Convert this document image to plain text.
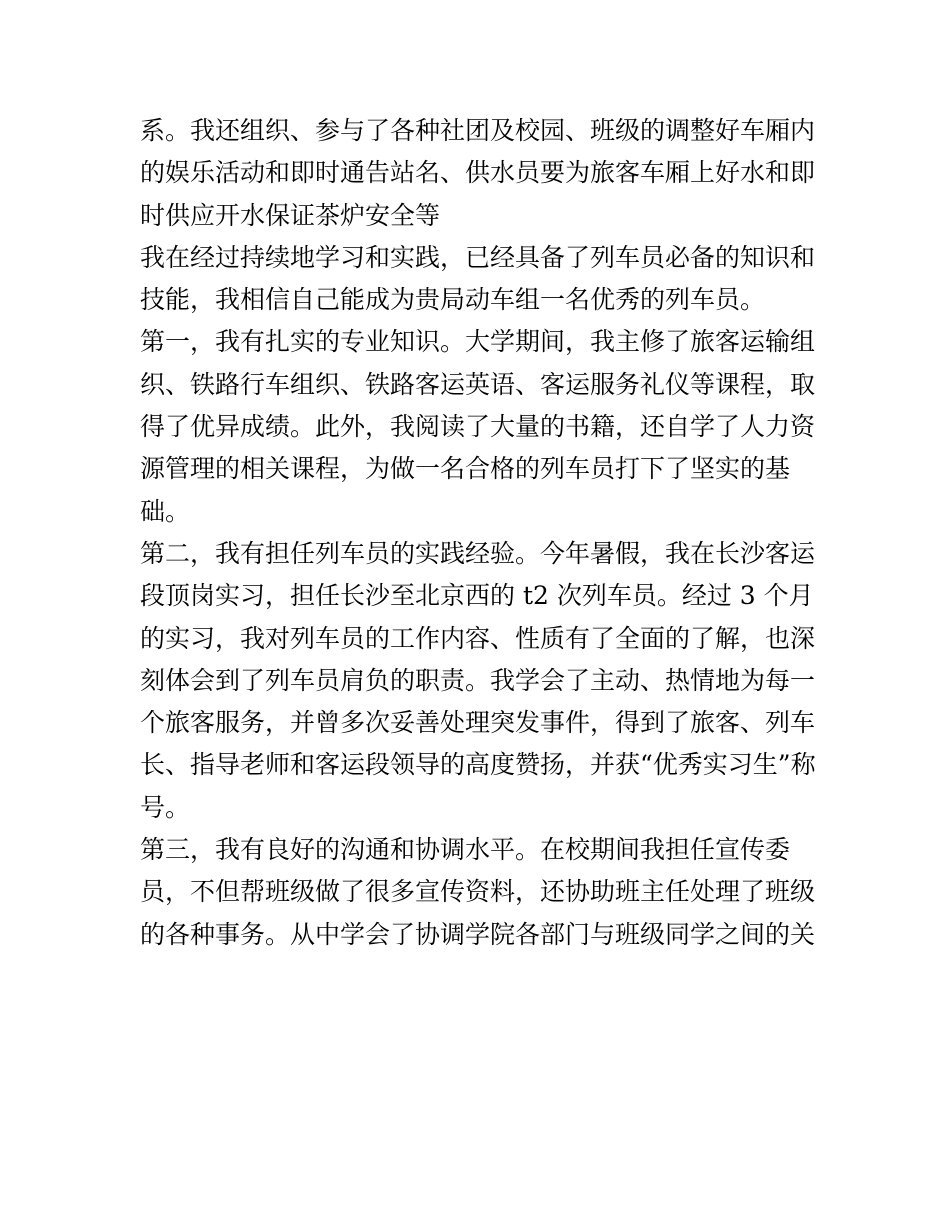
系。我还组织、参与了各种社团及校园、班级的调整好车厢内
的娱乐活动和即时通告站名、供水员要为旅客车厢上好水和即
时供应开水保证茶炉安全等
我在经过持续地学习和实践，已经具备了列车员必备的知识和
技能，我相信自己能成为贵局动车组一名优秀的列车员。
第一，我有扎实的专业知识。大学期间，我主修了旅客运输组
织、铁路行车组织、铁路客运英语、客运服务礼仪等课程，取
得了优异成绩。此外，我阅读了大量的书籍，还自学了人力资
源管理的相关课程，为做一名合格的列车员打下了坚实的基
础。
第二，我有担任列车员的实践经验。今年暑假，我在长沙客运
段顶岗实习，担任长沙至北京西的 t2 次列车员。经过 3 个月
的实习，我对列车员的工作内容、性质有了全面的了解，也深
刻体会到了列车员肩负的职责。我学会了主动、热情地为每一
个旅客服务，并曾多次妥善处理突发事件，得到了旅客、列车
长、指导老师和客运段领导的高度赞扬，并获“优秀实习生”称
号。
第三，我有良好的沟通和协调水平。在校期间我担任宣传委
员，不但帮班级做了很多宣传资料，还协助班主任处理了班级
的各种事务。从中学会了协调学院各部门与班级同学之间的关
